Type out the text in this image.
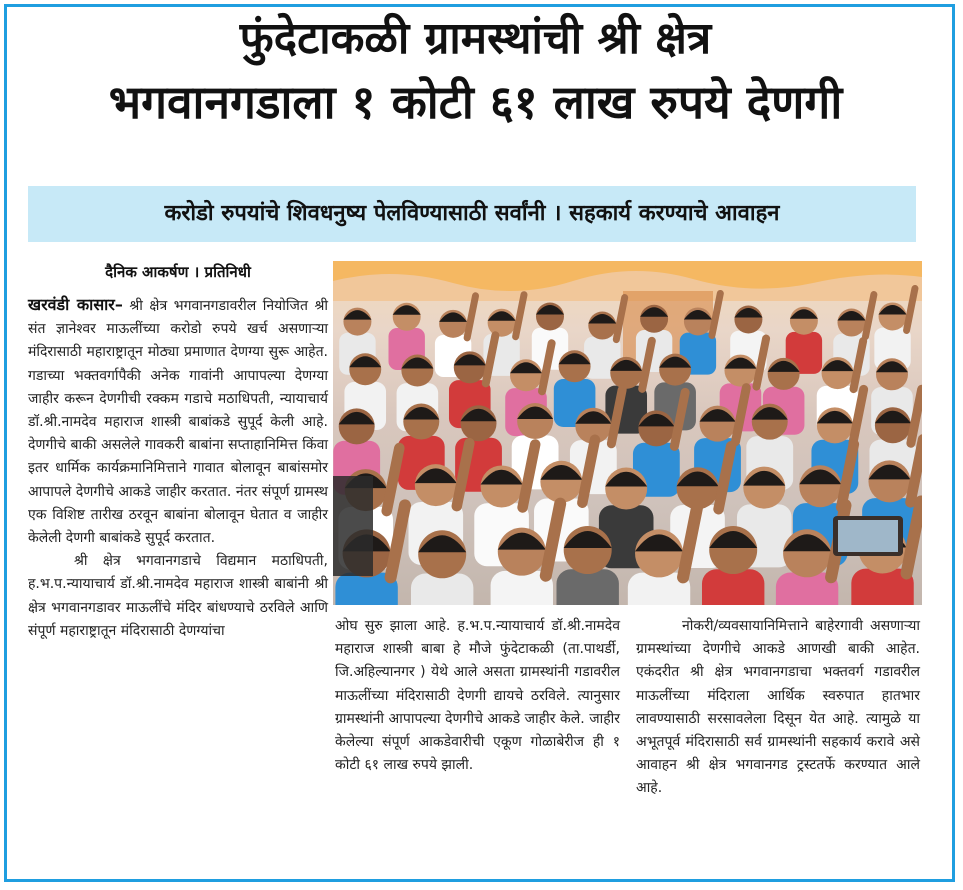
फुंदेटाकळी ग्रामस्थांची श्री क्षेत्र
भगवानगडाला १ कोटी ६१ लाख रुपये देणगी
करोडो रुपयांचे शिवधनुष्य पेलविण्यासाठी सर्वांनी । सहकार्य करण्याचे आवाहन
दैनिक आकर्षण । प्रतिनिधी

खरवंडी कासार– श्री क्षेत्र भगवानगडावरील नियोजित श्री संत ज्ञानेश्वर माऊलींच्या करोडो रुपये खर्च असणाऱ्या मंदिरासाठी महाराष्ट्रातून मोठ्या प्रमाणात देणग्या सुरू आहेत. गडाच्या भक्तवर्गापैकी अनेक गावांनी आपापल्या देणग्या जाहीर करून देणगीची रक्कम गडाचे मठाधिपती, न्यायाचार्य डॉ.श्री.नामदेव महाराज शास्त्री बाबांकडे सुपूर्द केली आहे. देणगीचे बाकी असलेले गावकरी बाबांना सप्ताहानिमित्त किंवा इतर धार्मिक कार्यक्रमानिमित्ताने गावात बोलावून बाबांसमोर आपापले देणगीचे आकडे जाहीर करतात. नंतर संपूर्ण ग्रामस्थ एक विशिष्ट तारीख ठरवून बाबांना बोलावून घेतात व जाहीर केलेली देणगी बाबांकडे सुपूर्द करतात.

श्री क्षेत्र भगवानगडाचे विद्यमान मठाधिपती, ह.भ.प.न्यायाचार्य डॉ.श्री.नामदेव महाराज शास्त्री बाबांनी श्री क्षेत्र भगवानगडावर माऊलींचे मंदिर बांधण्याचे ठरविले आणि संपूर्ण महाराष्ट्रातून मंदिरासाठी देणग्यांचा	ओघ सुरु झाला आहे. ह.भ.प.न्यायाचार्य डॉ.श्री.नामदेव महाराज शास्त्री बाबा हे मौजे फुंदेटाकळी (ता.पाथर्डी, जि.अहिल्यानगर ) येथे आले असता ग्रामस्थांनी गडावरील माऊलींच्या मंदिरासाठी देणगी द्यायचे ठरविले. त्यानुसार ग्रामस्थांनी आपापल्या देणगीचे आकडे जाहीर केले. जाहीर केलेल्या संपूर्ण आकडेवारीची एकूण गोळाबेरीज ही १ कोटी ६१ लाख रुपये झाली.

नोकरी/व्यवसायानिमित्ताने बाहेरगावी असणाऱ्या ग्रामस्थांच्या देणगीचे आकडे आणखी बाकी आहेत. एकंदरीत श्री क्षेत्र भगवानगडाचा भक्तवर्ग गडावरील माऊलींच्या मंदिराला आर्थिक स्वरुपात हातभार लावण्यासाठी सरसावलेला दिसून येत आहे. त्यामुळे या अभूतपूर्व मंदिरासाठी सर्व ग्रामस्थांनी सहकार्य करावे असे आवाहन श्री क्षेत्र भगवानगड ट्रस्टतर्फे करण्यात आले आहे.
